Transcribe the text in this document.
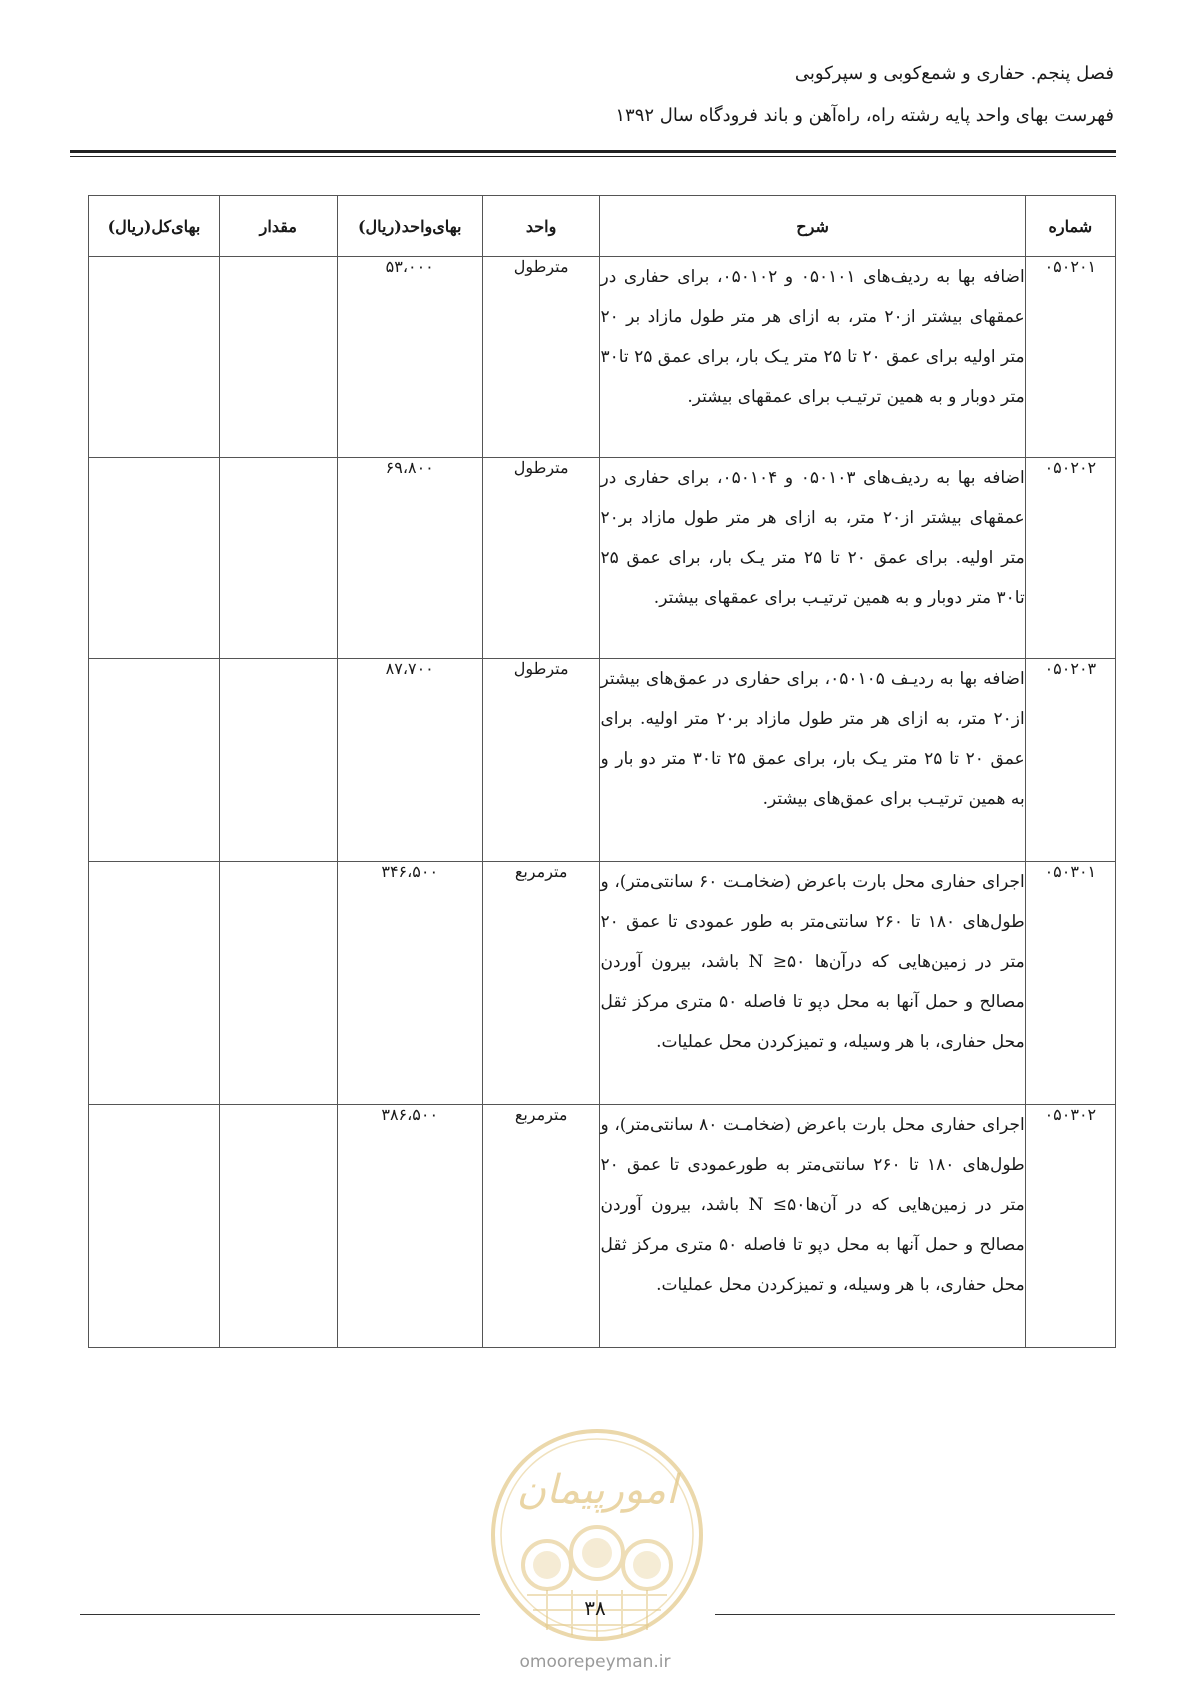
فصل پنجم. حفاری و شمع‌کوبی و سپرکوبی

فهرست بهای واحد پایه رشته راه، راه‌آهن و باند فرودگاه سال ۱۳۹۲

شماره	شرح	واحد	بهای‌واحد(ریال)	مقدار	بهای‌کل(ریال)
۰۵۰۲۰۱	اضافه بها به ردیف‌های ۰۵۰۱۰۱ و ۰۵۰۱۰۲، برای حفاری در عمقهای بیشتر از۲۰ متر، به ازای هر متر طول مازاد بر ۲۰ متر اولیه برای عمق ۲۰ تا ۲۵ متر یـک بار، برای عمق ۲۵ تا۳۰ متر دوبار و به همین ترتیـب برای عمقهای بیشتر.	مترطول	۵۳،۰۰۰		
۰۵۰۲۰۲	اضافه بها به ردیف‌های ۰۵۰۱۰۳ و ۰۵۰۱۰۴، برای حفاری در عمقهای بیشتر از۲۰ متر، به ازای هر متر طول مازاد بر۲۰ متر اولیه. برای عمق ۲۰ تا ۲۵ متر یـک بار، برای عمق ۲۵ تا۳۰ متر دوبار و به همین ترتیـب برای عمقهای بیشتر.	مترطول	۶۹،۸۰۰		
۰۵۰۲۰۳	اضافه بها به ردیـف ۰۵۰۱۰۵، برای حفاری در عمق‌های بیشتر از۲۰ متر، به ازای هر متر طول مازاد بر۲۰ متر اولیه. برای عمق ۲۰ تا ۲۵ متر یـک بار، برای عمق ۲۵ تا۳۰ متر دو بار و به همین ترتیـب برای عمق‌های بیشتر.	مترطول	۸۷،۷۰۰		
۰۵۰۳۰۱	اجرای حفاری محل بارت باعرض (ضخامـت ۶۰ سانتی‌متر)، و طول‌های ۱۸۰ تا ۲۶۰ سانتی‌متر به طور عمودی تا عمق ۲۰ متر در زمین‌هایی که درآن‌ها N ≥۵۰ باشد، بیرون آوردن مصالح و حمل آنها به محل دپو تا فاصله ۵۰ متری مرکز ثقل محل حفاری، با هر وسیله، و تمیزکردن محل عملیات.	مترمربع	۳۴۶،۵۰۰		
۰۵۰۳۰۲	اجرای حفاری محل بارت باعرض (ضخامـت ۸۰ سانتی‌متر)، و طول‌های ۱۸۰ تا ۲۶۰ سانتی‌متر به طورعمودی تا عمق ۲۰ متر در زمین‌هایی که در آن‌ها۵۰≥ N باشد، بیرون آوردن مصالح و حمل آنها به محل دپو تا فاصله ۵۰ متری مرکز ثقل محل حفاری، با هر وسیله، و تمیزکردن محل عملیات.	مترمربع	۳۸۶،۵۰۰		
امورپیمان
۳۸
omoorepeyman.ir
